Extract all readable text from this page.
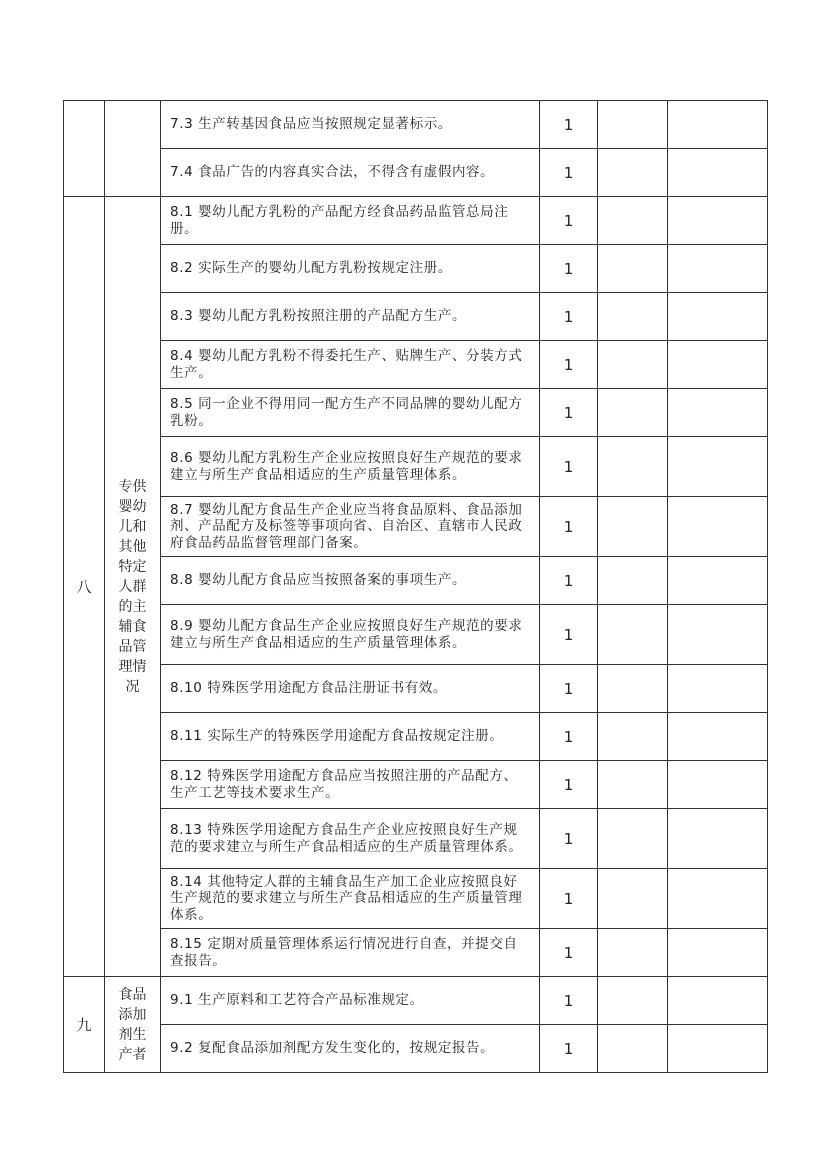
		7.3 生产转基因食品应当按照规定显著标示。	1		
		7.4 食品广告的内容真实合法，不得含有虚假内容。	1		
八	专供婴幼儿和其他特定人群的主辅食品管理情况	8.1 婴幼儿配方乳粉的产品配方经食品药品监管总局注册。	1		
		8.2 实际生产的婴幼儿配方乳粉按规定注册。	1		
		8.3 婴幼儿配方乳粉按照注册的产品配方生产。	1		
		8.4 婴幼儿配方乳粉不得委托生产、贴牌生产、分装方式生产。	1		
		8.5 同一企业不得用同一配方生产不同品牌的婴幼儿配方乳粉。	1		
		8.6 婴幼儿配方乳粉生产企业应按照良好生产规范的要求建立与所生产食品相适应的生产质量管理体系。	1		
		8.7 婴幼儿配方食品生产企业应当将食品原料、食品添加剂、产品配方及标签等事项向省、自治区、直辖市人民政府食品药品监督管理部门备案。	1		
		8.8 婴幼儿配方食品应当按照备案的事项生产。	1		
		8.9 婴幼儿配方食品生产企业应按照良好生产规范的要求建立与所生产食品相适应的生产质量管理体系。	1		
		8.10 特殊医学用途配方食品注册证书有效。	1		
		8.11 实际生产的特殊医学用途配方食品按规定注册。	1		
		8.12 特殊医学用途配方食品应当按照注册的产品配方、生产工艺等技术要求生产。	1		
		8.13 特殊医学用途配方食品生产企业应按照良好生产规范的要求建立与所生产食品相适应的生产质量管理体系。	1		
		8.14 其他特定人群的主辅食品生产加工企业应按照良好生产规范的要求建立与所生产食品相适应的生产质量管理体系。	1		
		8.15 定期对质量管理体系运行情况进行自查，并提交自查报告。	1		
九	食品添加剂生产者	9.1 生产原料和工艺符合产品标准规定。	1		
		9.2 复配食品添加剂配方发生变化的，按规定报告。	1		
